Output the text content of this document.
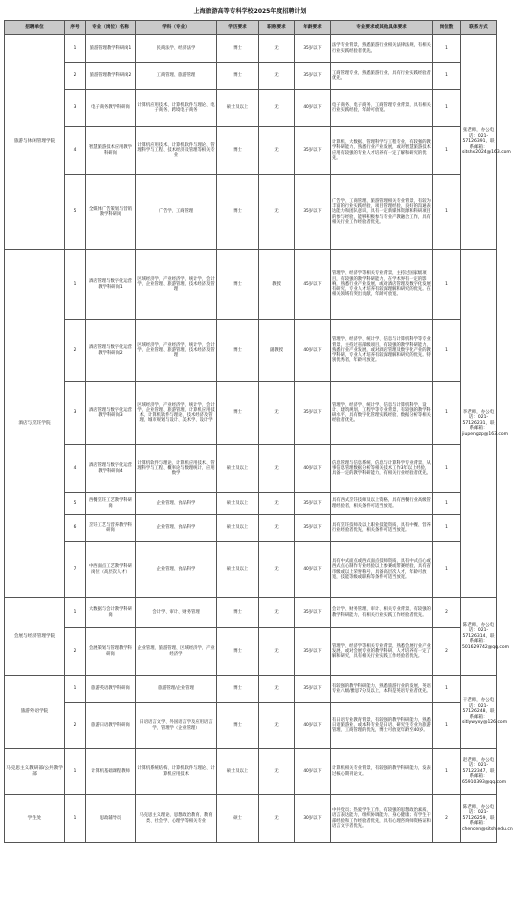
上海旅游高等专科学校2025年度招聘计划
招聘单位	序号	专业（岗位）名称	学科（专业）	学历要求	职称要求	年龄要求	专业要求或其他具体要求	岗位数	联系方式
旅游与休闲管理学院	1	旅游管理教学科研岗1	民商法学、经济法学	博士	无	35岁以下	法学专业背景，熟悉旅游行业相关法律法规，有相关行业实践经验者优先。	1	张老师，办公电话：021-57126391，联系邮箱：sitshx2024@163.com
	2	旅游管理教学科研岗2	工商管理、旅游管理	博士	无	35岁以下	工商管理专业，熟悉旅游行业，具有行业实践经验者优先。	1	
	3	电子商务教学科研岗	计算机应用技术、计算机软件与理论、电子商务、跨境电子商务	硕士及以上	无	40岁以下	电子商务、电子商务、工商管理专业背景，具有相关行业实践经验，年龄可放宽。	1	
	4	智慧旅游技术应用教学科研岗	计算机应用技术、计算机软件与理论、管理科学与工程、技术经济及管理等相关专业	博士	无	35岁以下	计算机、大数据、管理科学与工程专业，有较强的教学科研能力，熟悉行业产业发展，或对智慧旅游技术应用有较强的专业人才培养有一定了解和研究的优先。	1	
	5	全媒体广告策划与营销教学科研岗	广告学、工商管理	博士	无	35岁以下	广告学、工商管理、旅游管理相关专业背景，有较为丰富的行业实践经验，项目管理经验，良好的沟通表达能力和团队意识，具有一定新媒体资源和科研项目的参与经验，能够积极参与专业产教融合工作，具有相关行业工作经验者优先。	1	
酒店与烹饪学院	1	酒店管理与数字化运营教学科研岗1	区域经济学、产业经济学、统计学、会计学、企业管理、旅游管理、技术经济及管理	博士	教授	45岁以下	管理学、经济学等相关专业背景，主持过国家级项目，有较强的教学科研能力，在学术界有一定的影响，熟悉行业产业发展，或对酒店管理及数字化发展有研究，专业人才培养有较深理解和研究的优先。在相关领域有突出贡献，年龄可放宽。	1	李老师，办公电话：021-57126231，联系邮箱：jiupengzp@163.com
	2	酒店管理与数字化运营教学科研岗2	区域经济学、产业经济学、统计学、会计学、企业管理、旅游管理、技术经济及管理	博士	副教授	40岁以下	管理学、经济学、统计学、信息与计算机科学等专业背景，主持过省部级项目，有较强的教学科研能力，熟悉行业产业发展，或对酒店管理及数字化产业的教学科研，专业人才培养有较深理解和研究的优先。特别优秀者，年龄可放宽。	1	
	3	酒店管理与数字化运营教学科研岗3	区域经济学、产业经济学、统计学、会计学、企业管理、旅游管理、计算机应用技术、计算机软件与理论、技术经济及管理、城市规划与设计、美术学、设计学	博士	无	35岁以下	管理学、经济学、统计学、信息与计算机科学、设计、建筑规划、工程学等专业背景，有较强的教学科研水平，具有数字化管理实践经验、数据分析等相关经验者优先。	1	
	4	酒店管理与数字化运营教学科研岗4	计算机软件与理论、计算机应用技术、管理科学与工程、概率论与数理统计、应用数学	硕士及以上	无	40岁以下	信息管理与信息系统、信息与计算科学专业背景，从事信息管理数据分析等相关技术工作3年以上经验，具备一定的教学科研能力，有相关行业经验者优先。	1	
	5	西餐烹饪工艺教学科研岗	企业管理、食品科学	硕士及以上	无	35岁以下	具有西式烹饪技师及以上资格，具有西餐行业高级管理经验者，相关条件可适当放宽。	1	
	6	烹饪工艺与营养教学科研岗	企业管理、食品科学	硕士及以上	无	35岁以下	具有烹饪技师及以上职业技能资质，具有中餐、营养行业经验者优先，相关条件可适当放宽。	1	
	7	中西面点工艺教学科研岗位（高层次人才）	企业管理、食品科学	硕士及以上	无	40岁以下	具有中式面点或西式面点技师资质，具有中式点心或西式点心制作专业经验以上参赛或带赛经验，具有省市级或以上荣誉称号，具备高层次人才，年龄可放宽，技能等级或职称等条件可适当放宽。	1	
会展与经济管理学院	1	大数据与会计教学科研岗	会计学、审计、财务管理	博士	无	35岁以下	会计学、财务管理、审计、相关专业背景，有较强的教学科研能力，有相关行业实践工作经验者优先。	2	陈老师，办公电话：021-57126314，联系邮箱：501629742@qq.com
	2	会展策划与管理教学科研岗	企业管理、旅游管理、区域经济学、产业经济学	博士	无	35岁以下	管理学、经济学等相关专业背景，熟悉会展行业产业发展，或对会展专业的教学科研、人才培养有一定了解和研究，具有相关行业实践工作经验者优先。	2	
旅游外语学院	1	旅游英语教学科研岗	旅游管理/企业管理	博士	无	35岁以下	有较强的教学科研能力，熟悉旅游行业的发展，英语专业八级/雅思7分及以上，本科是英语专业者优先。	1	干老师，办公电话：021-57126248，联系邮箱：sitlywyxy@126.com
	2	旅游日语教学科研岗	日语语言文学、外国语言学及应用语言学、管理学（企业管理）	博士	无	40岁以下	有日语专业教育背景，有较强的教学科研能力，熟悉日语旅游业，或本科专业是日语、研究生专业为旅游管理、工商管理的优先，博士可放宽年龄至40岁。	1	
马克思主义教研部/公共教学部	1	计算机基础课程教师	计算机系统结构、计算机软件与理论、计算机应用技术	硕士及以上	无	40岁以下	计算机相关专业背景，有较强的教学科研能力，发表过核心期刊论文。	1	赵老师，办公电话：021-57122347，联系邮箱：65910393@qq.com
学生处	1	思政辅导员	马克思主义理论、思想政治教育、教育类、社会学、心理学等相关专业	硕士	无	30岁以下	中共党员；热爱学生工作，有较强的思想政治素质、语言表达能力，组织协调能力、身心健康；有学生干部经验和工作经验者优先，具有心理咨询师资格证和语言文字者优先。	2	陈老师，办公电话：021-57126259，联系邮箱：chencen@sitsh.edu.cn
